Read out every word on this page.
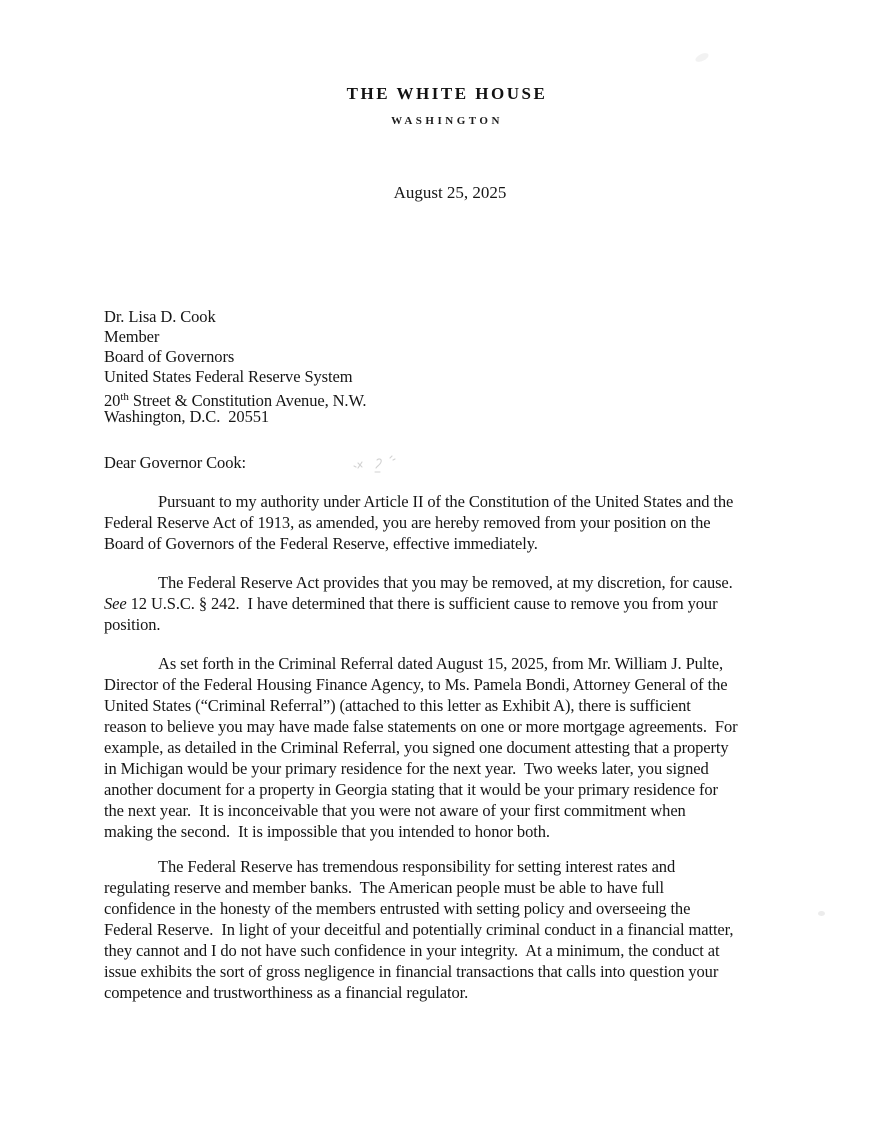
THE WHITE HOUSE
WASHINGTON
August 25, 2025
Dr. Lisa D. Cook
Member
Board of Governors
United States Federal Reserve System
20th Street & Constitution Avenue, N.W.
Washington, D.C.  20551
Dear Governor Cook:
Pursuant to my authority under Article II of the Constitution of the United States and the
Federal Reserve Act of 1913, as amended, you are hereby removed from your position on the
Board of Governors of the Federal Reserve, effective immediately.
The Federal Reserve Act provides that you may be removed, at my discretion, for cause.
See 12 U.S.C. § 242.  I have determined that there is sufficient cause to remove you from your
position.
As set forth in the Criminal Referral dated August 15, 2025, from Mr. William J. Pulte,
Director of the Federal Housing Finance Agency, to Ms. Pamela Bondi, Attorney General of the
United States (“Criminal Referral”) (attached to this letter as Exhibit A), there is sufficient
reason to believe you may have made false statements on one or more mortgage agreements.  For
example, as detailed in the Criminal Referral, you signed one document attesting that a property
in Michigan would be your primary residence for the next year.  Two weeks later, you signed
another document for a property in Georgia stating that it would be your primary residence for
the next year.  It is inconceivable that you were not aware of your first commitment when
making the second.  It is impossible that you intended to honor both.
The Federal Reserve has tremendous responsibility for setting interest rates and
regulating reserve and member banks.  The American people must be able to have full
confidence in the honesty of the members entrusted with setting policy and overseeing the
Federal Reserve.  In light of your deceitful and potentially criminal conduct in a financial matter,
they cannot and I do not have such confidence in your integrity.  At a minimum, the conduct at
issue exhibits the sort of gross negligence in financial transactions that calls into question your
competence and trustworthiness as a financial regulator.
